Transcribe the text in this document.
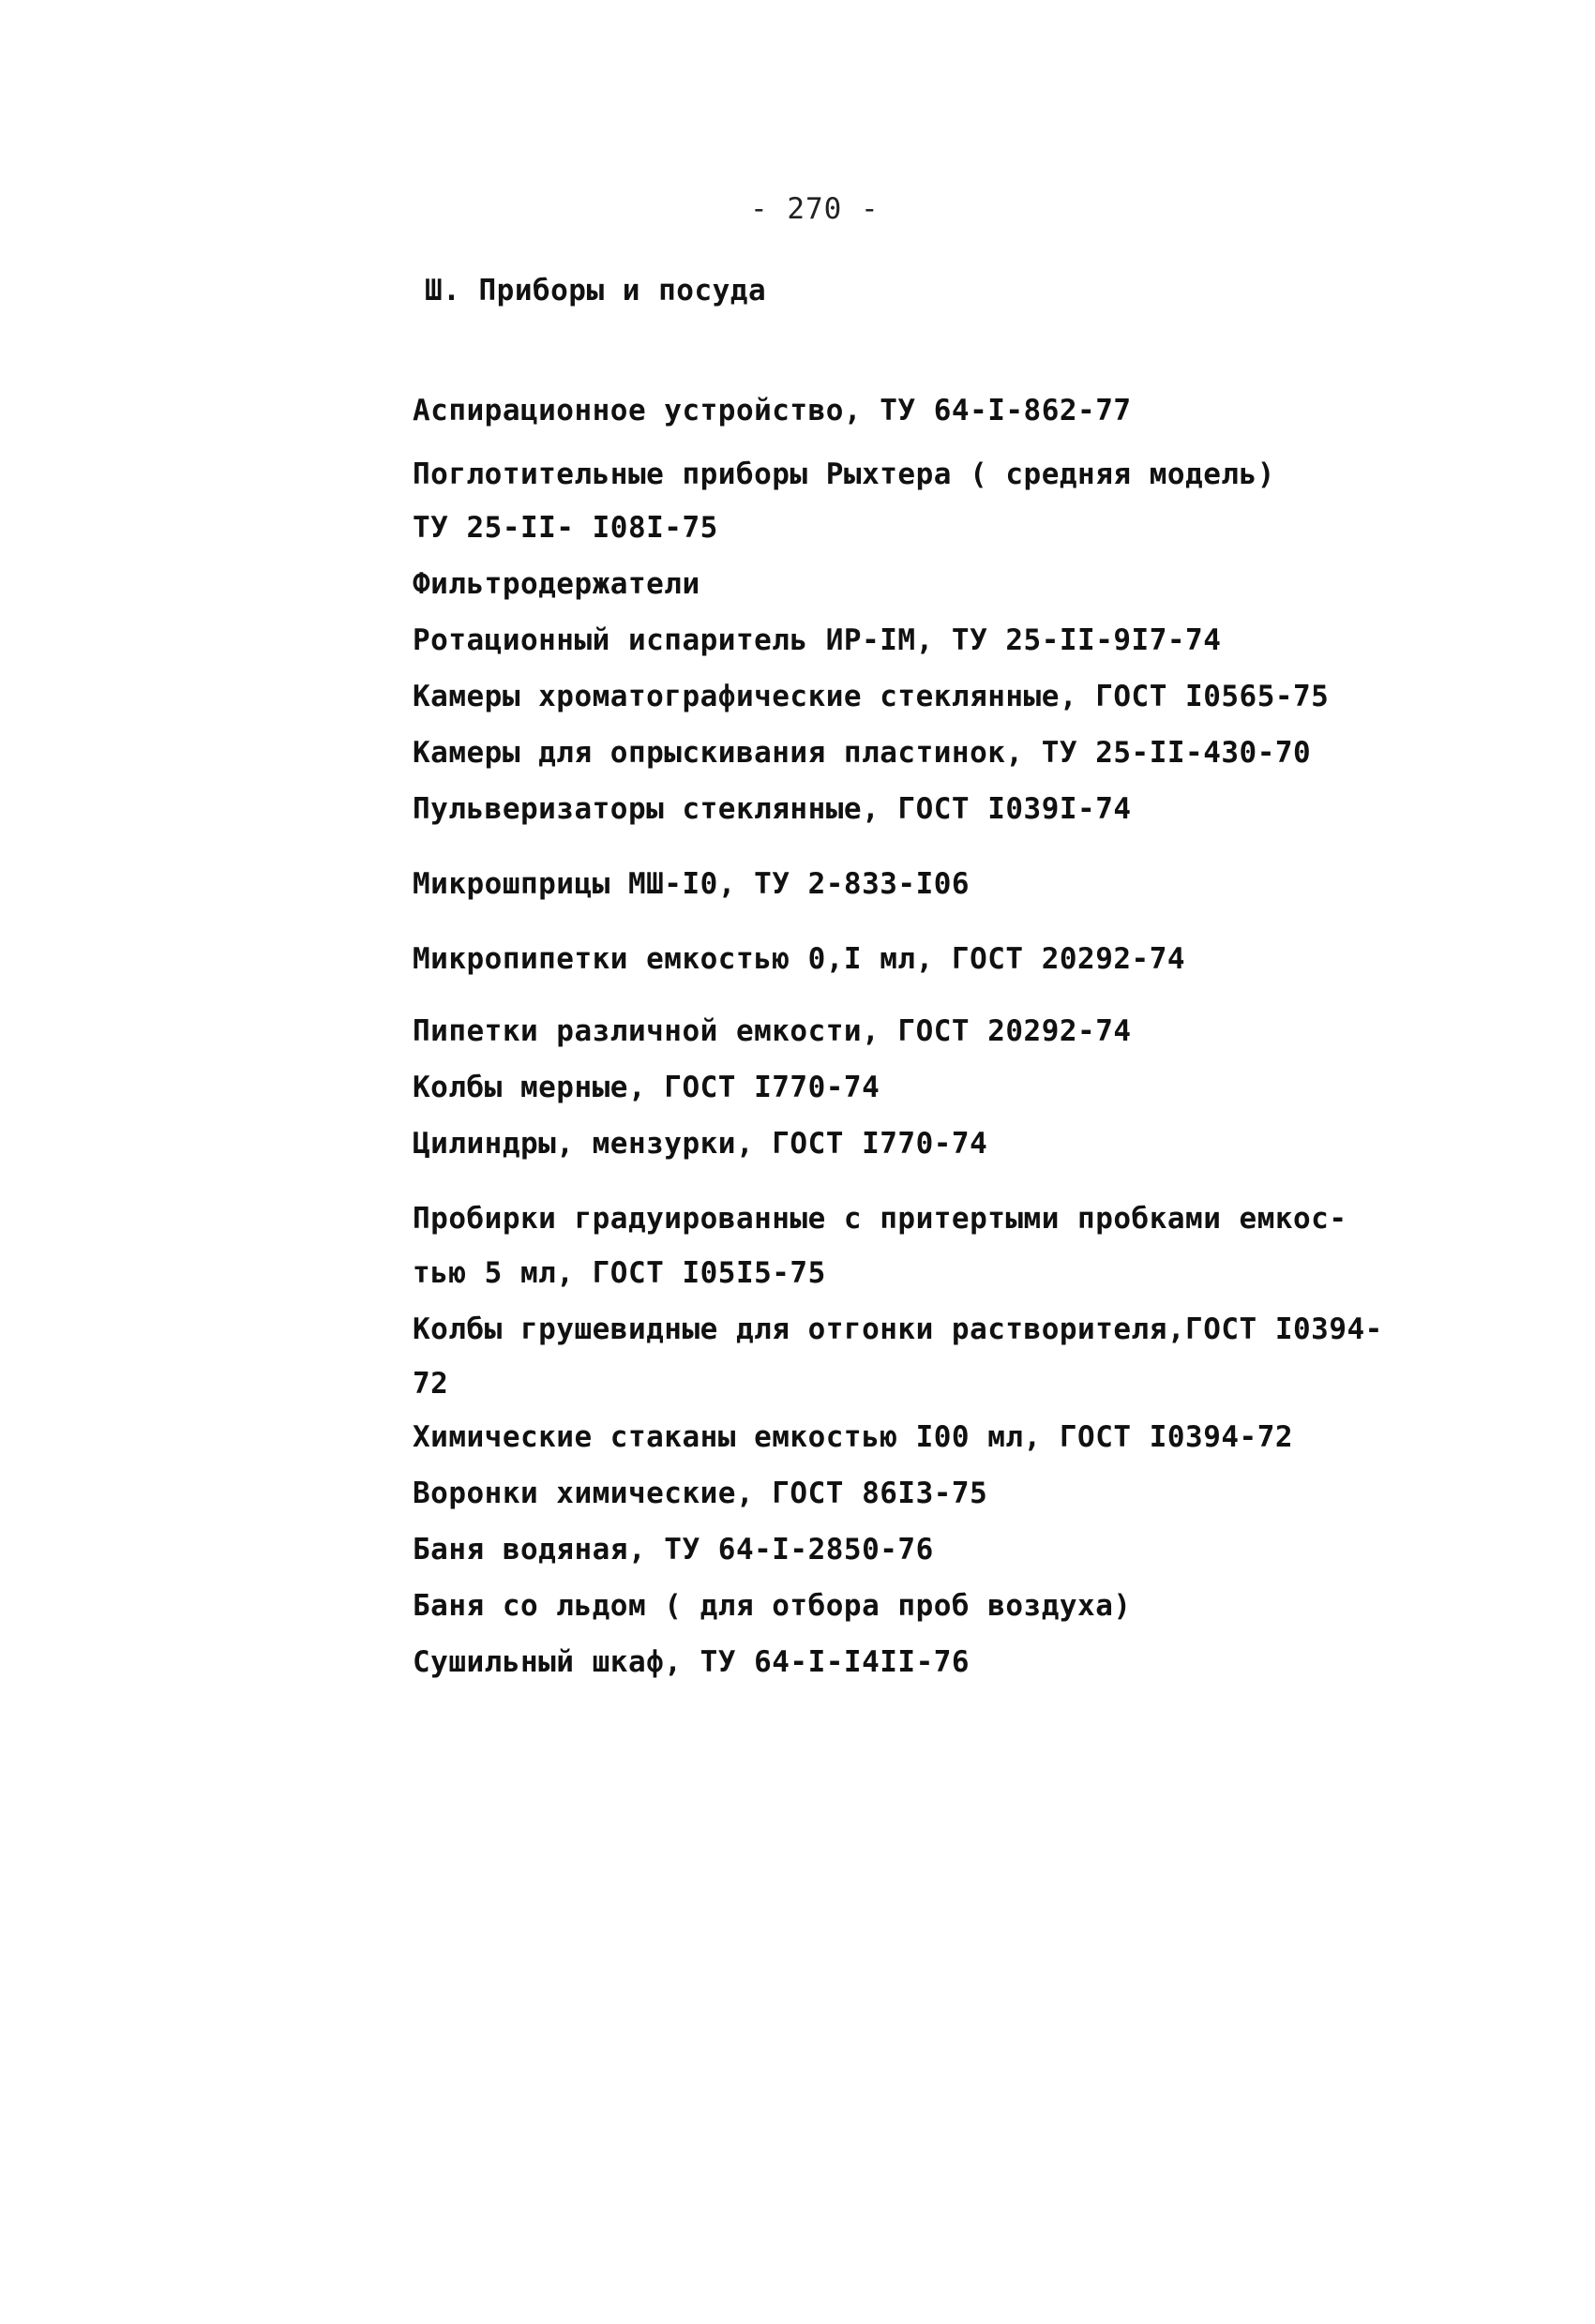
- 270 -
Ш. Приборы и посуда
Аспирационное устройство, ТУ 64-I-862-77
Поглотительные приборы Рыхтера ( средняя модель)
ТУ 25-II- I08I-75
Фильтродержатели
Ротационный испаритель ИР-IМ, ТУ 25-II-9I7-74
Камеры хроматографические стеклянные, ГОСТ I0565-75
Камеры для опрыскивания пластинок, ТУ 25-II-430-70
Пульверизаторы стеклянные, ГОСТ I039I-74
Микрошприцы МШ-I0, ТУ 2-833-I06
Микропипетки емкостью 0,I мл, ГОСТ 20292-74
Пипетки различной емкости, ГОСТ 20292-74
Колбы мерные, ГОСТ I770-74
Цилиндры, мензурки, ГОСТ I770-74
Пробирки градуированные с притертыми пробками емкос-
тью 5 мл, ГОСТ I05I5-75
Колбы грушевидные для отгонки растворителя,ГОСТ I0394-
72
Химические стаканы емкостью I00 мл, ГОСТ I0394-72
Воронки химические, ГОСТ 86I3-75
Баня водяная, ТУ 64-I-2850-76
Баня со льдом ( для отбора проб воздуха)
Сушильный шкаф, ТУ 64-I-I4II-76
